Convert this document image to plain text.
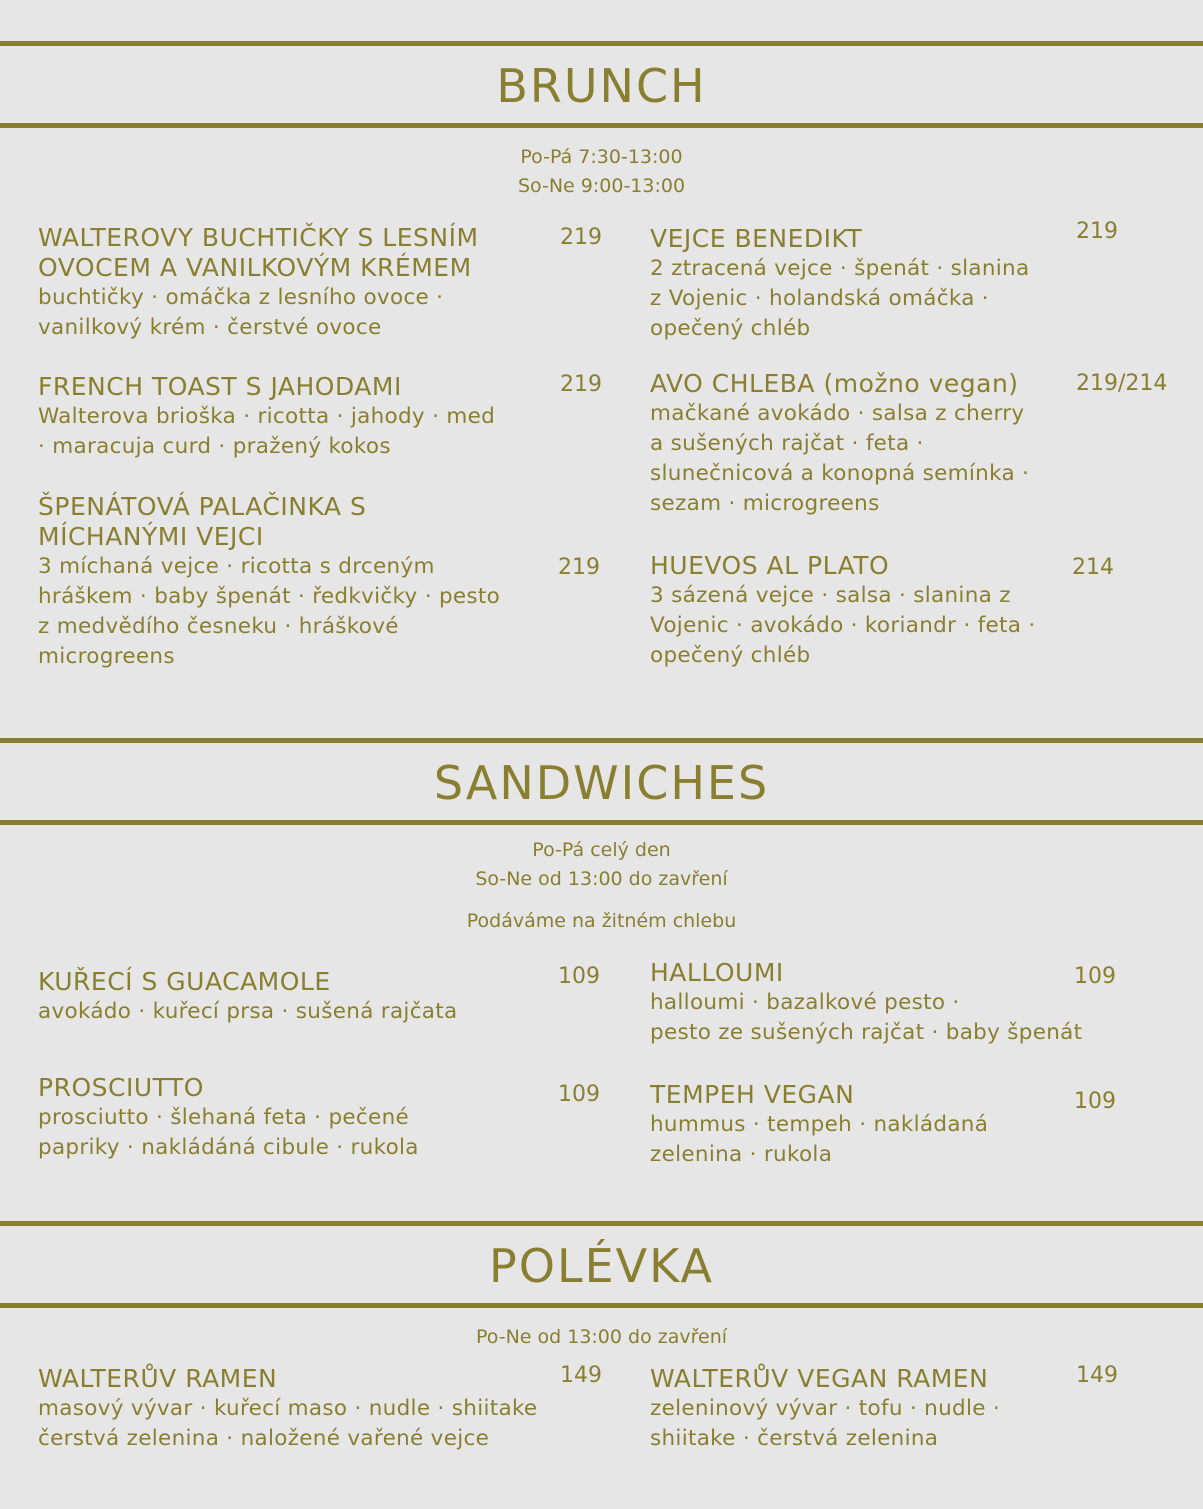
BRUNCH
Po-Pá 7:30-13:00
So-Ne 9:00-13:00
WALTEROVY BUCHTIČKY S LESNÍM
OVOCEM A VANILKOVÝM KRÉMEM
buchtičky · omáčka z lesního ovoce ·
vanilkový krém · čerstvé ovoce
219
FRENCH TOAST S JAHODAMI
Walterova brioška · ricotta · jahody · med
· maracuja curd · pražený kokos
219
ŠPENÁTOVÁ PALAČINKA S
MÍCHANÝMI VEJCI
3 míchaná vejce · ricotta s drceným
hráškem · baby špenát · ředkvičky · pesto
z medvědího česneku · hráškové
microgreens
219
VEJCE BENEDIKT
2 ztracená vejce · špenát · slanina
z Vojenic · holandská omáčka ·
opečený chléb
219
AVO CHLEBA (možno vegan)
mačkané avokádo · salsa z cherry
a sušených rajčat · feta ·
slunečnicová a konopná semínka ·
sezam · microgreens
219/214
HUEVOS AL PLATO
3 sázená vejce · salsa · slanina z
Vojenic · avokádo · koriandr · feta ·
opečený chléb
214
SANDWICHES
Po-Pá celý den
So-Ne od 13:00 do zavření
Podáváme na žitném chlebu
KUŘECÍ S GUACAMOLE
avokádo · kuřecí prsa · sušená rajčata
109
PROSCIUTTO
prosciutto · šlehaná feta · pečené
papriky · nakládáná cibule · rukola
109
HALLOUMI
halloumi · bazalkové pesto ·
pesto ze sušených rajčat · baby špenát
109
TEMPEH VEGAN
hummus · tempeh · nakládaná
zelenina · rukola
109
POLÉVKA
Po-Ne od 13:00 do zavření
WALTERŮV RAMEN
masový vývar · kuřecí maso · nudle · shiitake
čerstvá zelenina · naložené vařené vejce
149 WALTERŮV VEGAN RAMEN
zeleninový vývar · tofu · nudle ·
shiitake · čerstvá zelenina
149
